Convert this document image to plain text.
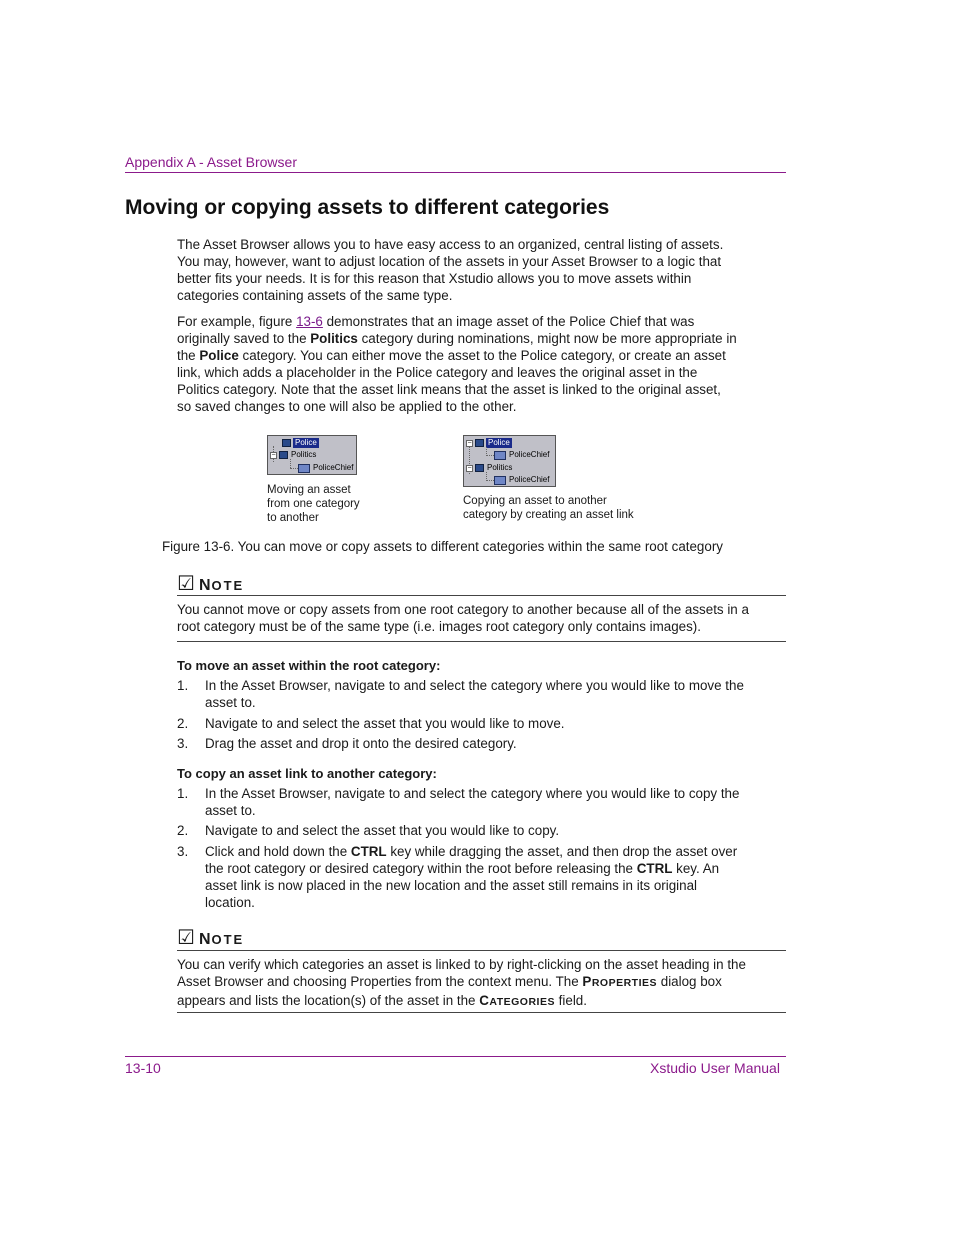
Appendix A - Asset Browser
Moving or copying assets to different categories

The Asset Browser allows you to have easy access to an organized, central listing of assets. You may, however, want to adjust location of the assets in your Asset Browser to a logic that better fits your needs. It is for this reason that Xstudio allows you to move assets within categories containing assets of the same type.

For example, figure 13-6 demonstrates that an image asset of the Police Chief that was originally saved to the Politics category during nominations, might now be more appropriate in the Police category. You can either move the asset to the Police category, or create an asset link, which adds a placeholder in the Police category and leaves the original asset in the Politics category. Note that the asset link means that the asset is linked to the original asset, so saved changes to one will also be applied to the other.

Police
− Politics
PoliceChief

Moving an asset
from one category
to another

− Police
PoliceChief
− Politics
PoliceChief

Copying an asset to another
category by creating an asset link

Figure 13-6. You can move or copy assets to different categories within the same root category
☑ N OTE

You cannot move or copy assets from one root category to another because all of the assets in a root category must be of the same type (i.e. images root category only contains images).

To move an asset within the root category:
1. In the Asset Browser, navigate to and select the category where you would like to move the asset to.
2. Navigate to and select the asset that you would like to move.
3. Drag the asset and drop it onto the desired category.
To copy an asset link to another category:
1. In the Asset Browser, navigate to and select the category where you would like to copy the asset to.
2. Navigate to and select the asset that you would like to copy.
3. Click and hold down the CTRL key while dragging the asset, and then drop the asset over the root category or desired category within the root before releasing the CTRL key. An asset link is now placed in the new location and the asset still remains in its original location.
☑ N OTE

You can verify which categories an asset is linked to by right-clicking on the asset heading in the Asset Browser and choosing Properties from the context menu. The PROPERTIES dialog box appears and lists the location(s) of the asset in the CATEGORIES field.

13-10	Xstudio User Manual
